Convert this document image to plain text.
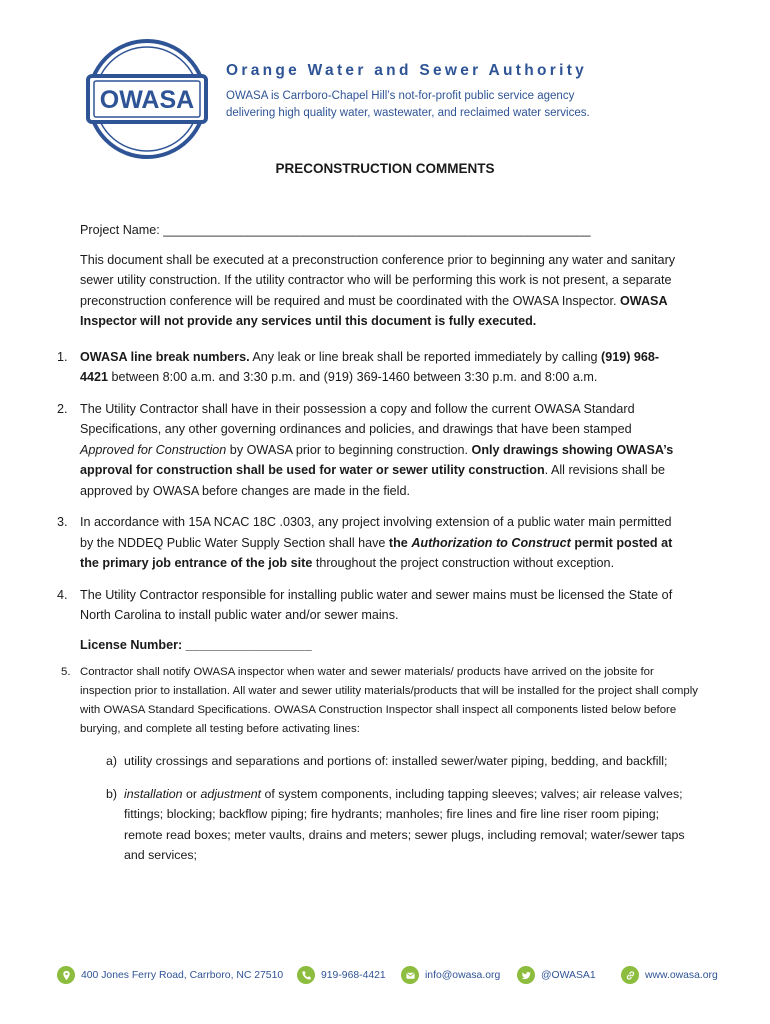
OWASA
Orange Water and Sewer Authority
OWASA is Carrboro-Chapel Hill’s not-for-profit public service agency
delivering high quality water, wastewater, and reclaimed water services.
PRECONSTRUCTION COMMENTS

Project Name: _____________________________________________________________

This document shall be executed at a preconstruction conference prior to beginning any water and sanitary sewer utility construction. If the utility contractor who will be performing this work is not present, a separate preconstruction conference will be required and must be coordinated with the OWASA Inspector. OWASA Inspector will not provide any services until this document is fully executed.

1. OWASA line break numbers. Any leak or line break shall be reported immediately by calling (919) 968- 4421 between 8:00 a.m. and 3:30 p.m. and (919) 369-1460 between 3:30 p.m. and 8:00 a.m.
2. The Utility Contractor shall have in their possession a copy and follow the current OWASA Standard Specifications, any other governing ordinances and policies, and drawings that have been stamped Approved for Construction by OWASA prior to beginning construction. Only drawings showing OWASA’s approval for construction shall be used for water or sewer utility construction. All revisions shall be approved by OWASA before changes are made in the field.
3. In accordance with 15A NCAC 18C .0303, any project involving extension of a public water main permitted by the NDDEQ Public Water Supply Section shall have the Authorization to Construct permit posted at the primary job entrance of the job site throughout the project construction without exception.
4. The Utility Contractor responsible for installing public water and sewer mains must be licensed the State of North Carolina to install public water and/or sewer mains.

License Number: __________________

5. Contractor shall notify OWASA inspector when water and sewer materials/ products have arrived on the jobsite for inspection prior to installation. All water and sewer utility materials/products that will be installed for the project shall comply with OWASA Standard Specifications. OWASA Construction Inspector shall inspect all components listed below before burying, and complete all testing before activating lines:
a) utility crossings and separations and portions of: installed sewer/water piping, bedding, and backfill;
b) installation or adjustment of system components, including tapping sleeves; valves; air release valves; fittings; blocking; backflow piping; fire hydrants; manholes; fire lines and fire line riser room piping; remote read boxes; meter vaults, drains and meters; sewer plugs, including removal; water/sewer taps and services;
400 Jones Ferry Road, Carrboro, NC 27510	919-968-4421	info@owasa.org	@OWASA1	www.owasa.org
